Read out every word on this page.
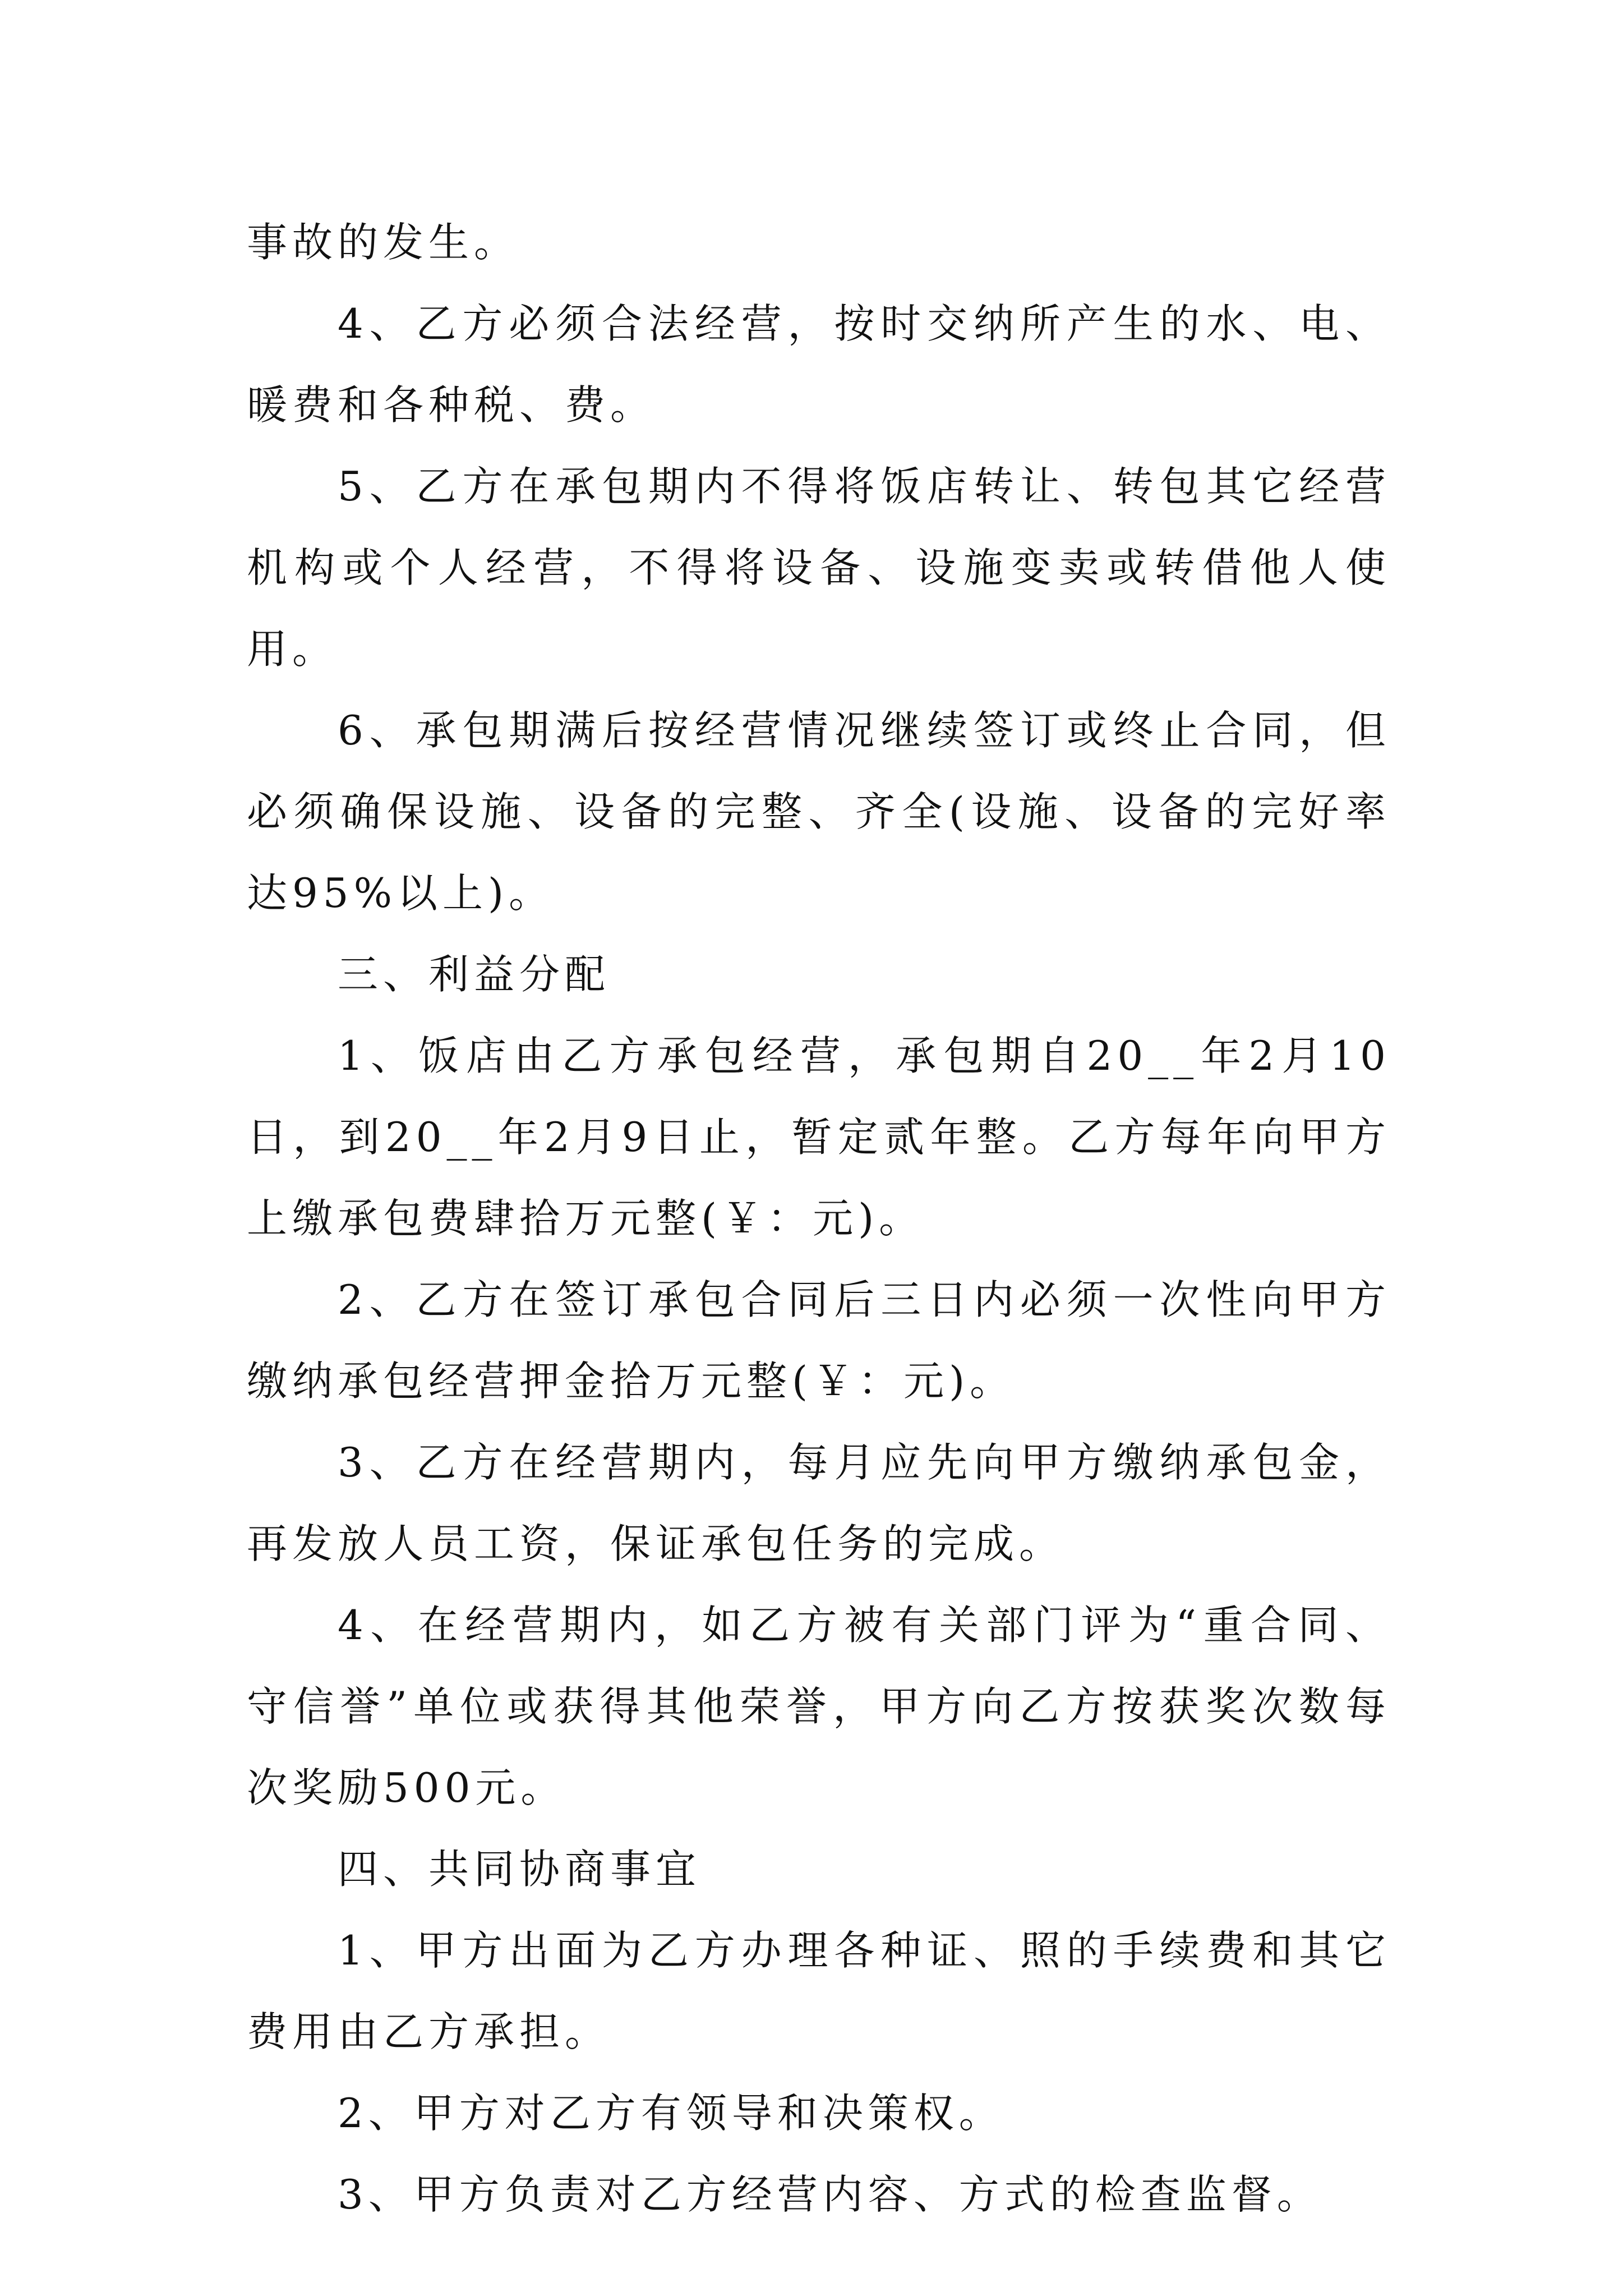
事故的发生。

4、乙方必须合法经营，按时交纳所产生的水、电、暖费和各种税、费。

5、乙方在承包期内不得将饭店转让、转包其它经营机构或个人经营，不得将设备、设施变卖或转借他人使用。

6、承包期满后按经营情况继续签订或终止合同，但必须确保设施、设备的完整、齐全(设施、设备的完好率达95%以上)。

三、利益分配

1、饭店由乙方承包经营，承包期自20__年2月10日，到20__年2月9日止，暂定贰年整。乙方每年向甲方上缴承包费肆拾万元整(￥：元)。

2、乙方在签订承包合同后三日内必须一次性向甲方缴纳承包经营押金拾万元整(￥：元)。

3、乙方在经营期内，每月应先向甲方缴纳承包金，再发放人员工资，保证承包任务的完成。

4、在经营期内，如乙方被有关部门评为“重合同、守信誉”单位或获得其他荣誉，甲方向乙方按获奖次数每次奖励500元。

四、共同协商事宜

1、甲方出面为乙方办理各种证、照的手续费和其它费用由乙方承担。

2、甲方对乙方有领导和决策权。

3、甲方负责对乙方经营内容、方式的检查监督。
